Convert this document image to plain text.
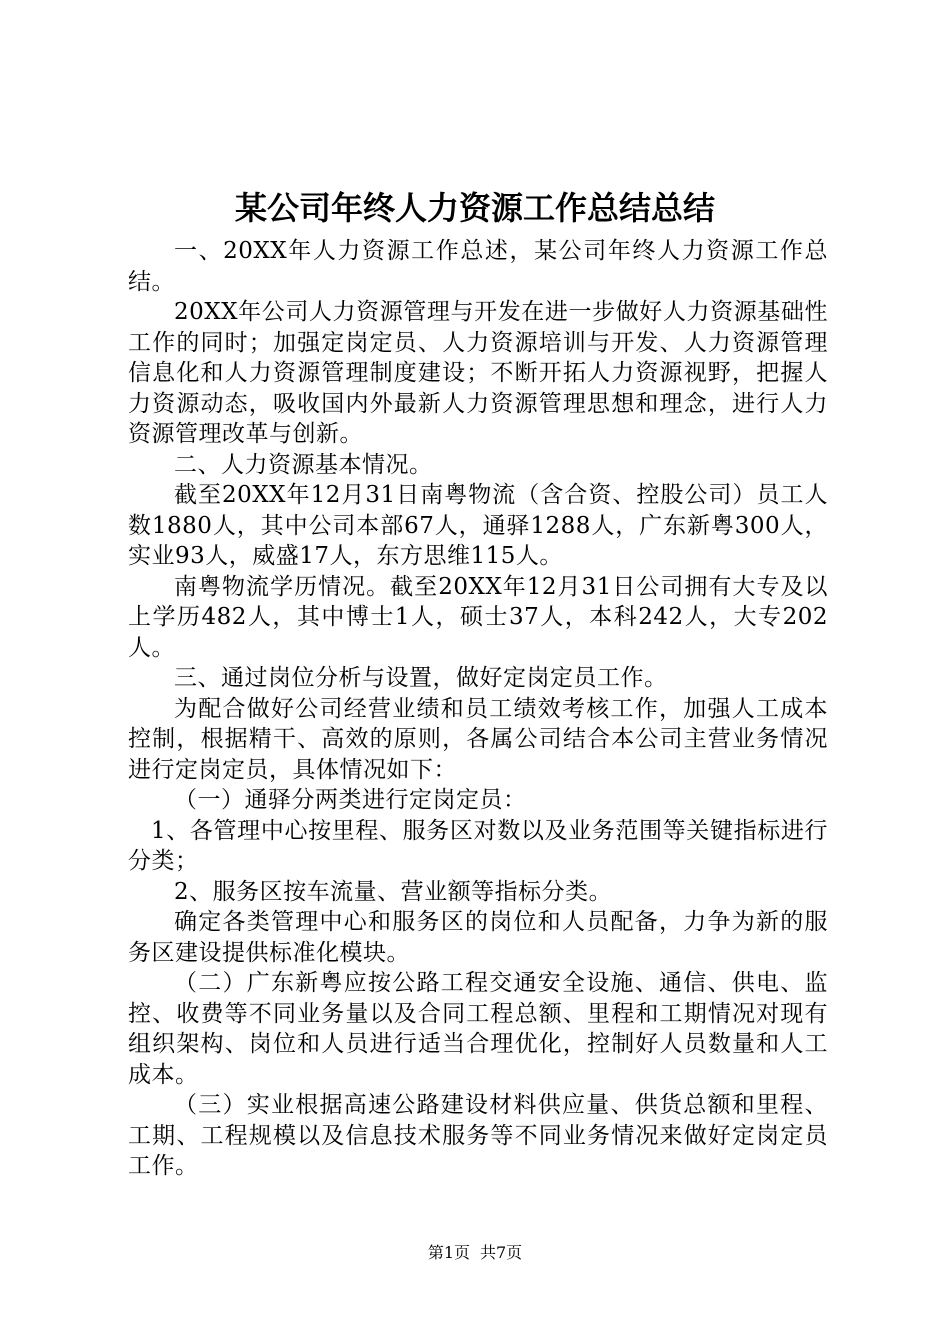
某公司年终人力资源工作总结总结

一、20XX年人力资源工作总述，某公司年终人力资源工作总结。

20XX年公司人力资源管理与开发在进一步做好人力资源基础性工作的同时；加强定岗定员、人力资源培训与开发、人力资源管理信息化和人力资源管理制度建设；不断开拓人力资源视野，把握人力资源动态，吸收国内外最新人力资源管理思想和理念，进行人力资源管理改革与创新。

二、人力资源基本情况。

截至20XX年12月31日南粤物流（含合资、控股公司）员工人数1880人，其中公司本部67人，通驿1288人，广东新粤300人，实业93人，威盛17人，东方思维115人。

南粤物流学历情况。截至20XX年12月31日公司拥有大专及以上学历482人，其中博士1人，硕士37人，本科242人，大专202人。

三、通过岗位分析与设置，做好定岗定员工作。

为配合做好公司经营业绩和员工绩效考核工作，加强人工成本控制，根据精干、高效的原则，各属公司结合本公司主营业务情况进行定岗定员，具体情况如下：

（一）通驿分两类进行定岗定员：

1、各管理中心按里程、服务区对数以及业务范围等关键指标进行分类；

2、服务区按车流量、营业额等指标分类。

确定各类管理中心和服务区的岗位和人员配备，力争为新的服务区建设提供标准化模块。

（二）广东新粤应按公路工程交通安全设施、通信、供电、监控、收费等不同业务量以及合同工程总额、里程和工期情况对现有组织架构、岗位和人员进行适当合理优化，控制好人员数量和人工成本。

（三）实业根据高速公路建设材料供应量、供货总额和里程、工期、工程规模以及信息技术服务等不同业务情况来做好定岗定员工作。

第1页 共7页
